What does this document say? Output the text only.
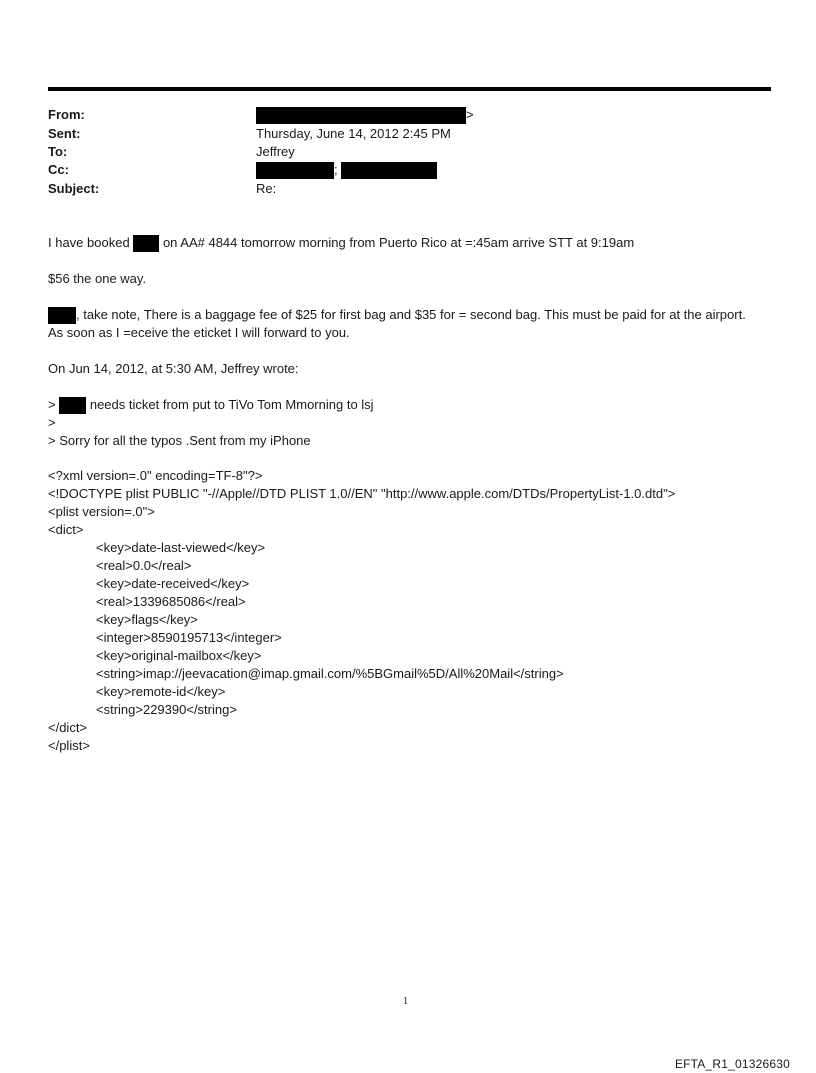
From:	>
Sent:	Thursday, June 14, 2012 2:45 PM
To:	Jeffrey
Cc:	;
Subject:	Re:
I have booked	on AA# 4844 tomorrow morning from Puerto Rico at =:45am arrive STT at 9:19am
$56 the one way.
, take note, There is a baggage fee of $25 for first bag and $35 for = second bag. This must be paid for at the airport.
As soon as I =eceive the eticket I will forward to you.
On Jun 14, 2012, at 5:30 AM, Jeffrey wrote:
>	needs ticket from put to TiVo Tom Mmorning to lsj
>
> Sorry for all the typos .Sent from my iPhone
<?xml version=.0" encoding=TF-8"?>
<!DOCTYPE plist PUBLIC "-//Apple//DTD PLIST 1.0//EN" "http://www.apple.com/DTDs/PropertyList-1.0.dtd">
<plist version=.0">
<dict>
<key>date-last-viewed</key>
<real>0.0</real>
<key>date-received</key>
<real>1339685086</real>
<key>flags</key>
<integer>8590195713</integer>
<key>original-mailbox</key>
<string>imap://jeevacation@imap.gmail.com/%5BGmail%5D/All%20Mail</string>
<key>remote-id</key>
<string>229390</string>
</dict>
</plist>
1
EFTA_R1_01326630
